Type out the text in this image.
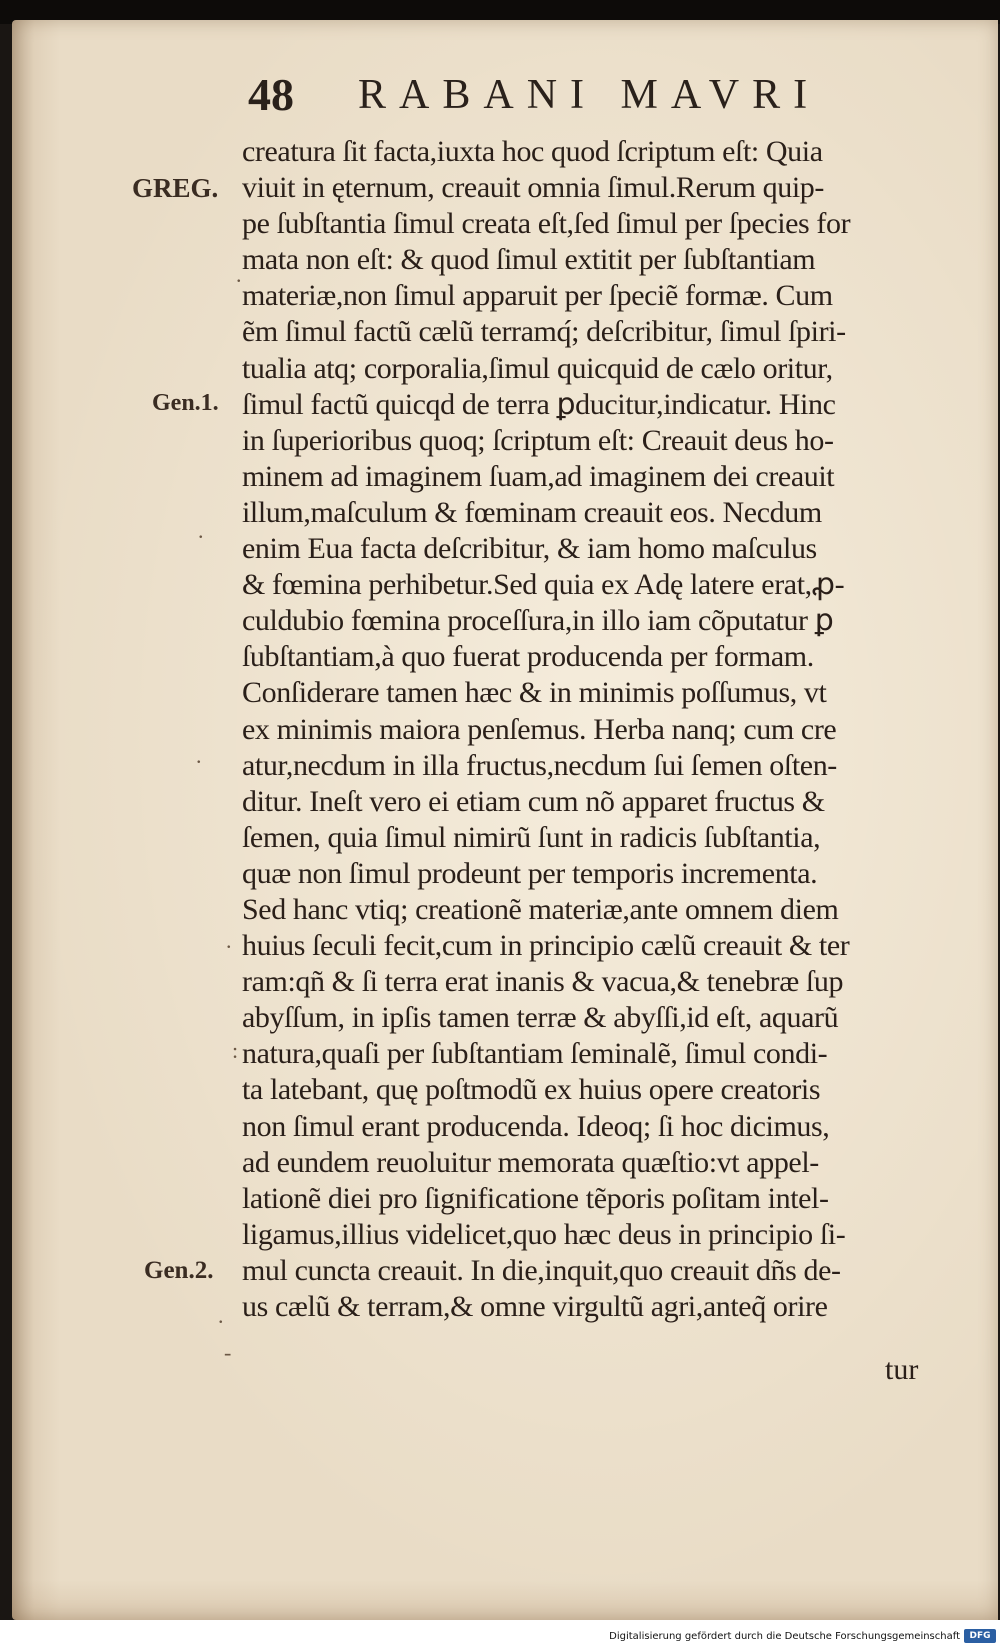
48 RABANI MAVRI
GREG.
Gen.1.
Gen.2.
.
.
.
.
:
.
-
creatura ſit facta,iuxta hoc quod ſcriptum eſt: Quia
viuit in ęternum, creauit omnia ſimul.Rerum quip-
pe ſubſtantia ſimul creata eſt,ſed ſimul per ſpecies for
mata non eſt: & quod ſimul extitit per ſubſtantiam
materiæ,non ſimul apparuit per ſpeciẽ formæ. Cum
ẽm ſimul factũ cælũ terramq́; deſcribitur, ſimul ſpiri-
tualia atq; corporalia,ſimul quicquid de cælo oritur,
ſimul factũ quicqd de terra ꝑducitur,indicatur. Hinc
in ſuperioribus quoq; ſcriptum eſt: Creauit deus ho-
minem ad imaginem ſuam,ad imaginem dei creauit
illum,maſculum & fœminam creauit eos. Necdum
enim Eua facta deſcribitur, & iam homo maſculus
& fœmina perhibetur.Sed quia ex Adę latere erat,ꝓ-
culdubio fœmina proceſſura,in illo iam cõputatur ꝑ
ſubſtantiam,à quo fuerat producenda per formam.
Conſiderare tamen hæc & in minimis poſſumus, vt
ex minimis maiora penſemus. Herba nanq; cum cre
atur,necdum in illa fructus,necdum ſui ſemen oſten-
ditur. Ineſt vero ei etiam cum nõ apparet fructus &
ſemen, quia ſimul nimirũ ſunt in radicis ſubſtantia,
quæ non ſimul prodeunt per temporis incrementa.
Sed hanc vtiq; creationẽ materiæ,ante omnem diem
huius ſeculi fecit,cum in principio cælũ creauit & ter
ram:qñ & ſi terra erat inanis & vacua,& tenebræ ſup
abyſſum, in ipſis tamen terræ & abyſſi,id eſt, aquarũ
natura,quaſi per ſubſtantiam ſeminalẽ, ſimul condi-
ta latebant, quę poſtmodũ ex huius opere creatoris
non ſimul erant producenda. Ideoq; ſi hoc dicimus,
ad eundem reuoluitur memorata quæſtio:vt appel-
lationẽ diei pro ſignificatione tẽporis poſitam intel-
ligamus,illius videlicet,quo hæc deus in principio ſi-
mul cuncta creauit. In die,inquit,quo creauit dñs de-
us cælũ & terram,& omne virgultũ agri,anteq̃ orire
tur
Digitalisierung gefördert durch die Deutsche Forschungsgemeinschaft	DFG
